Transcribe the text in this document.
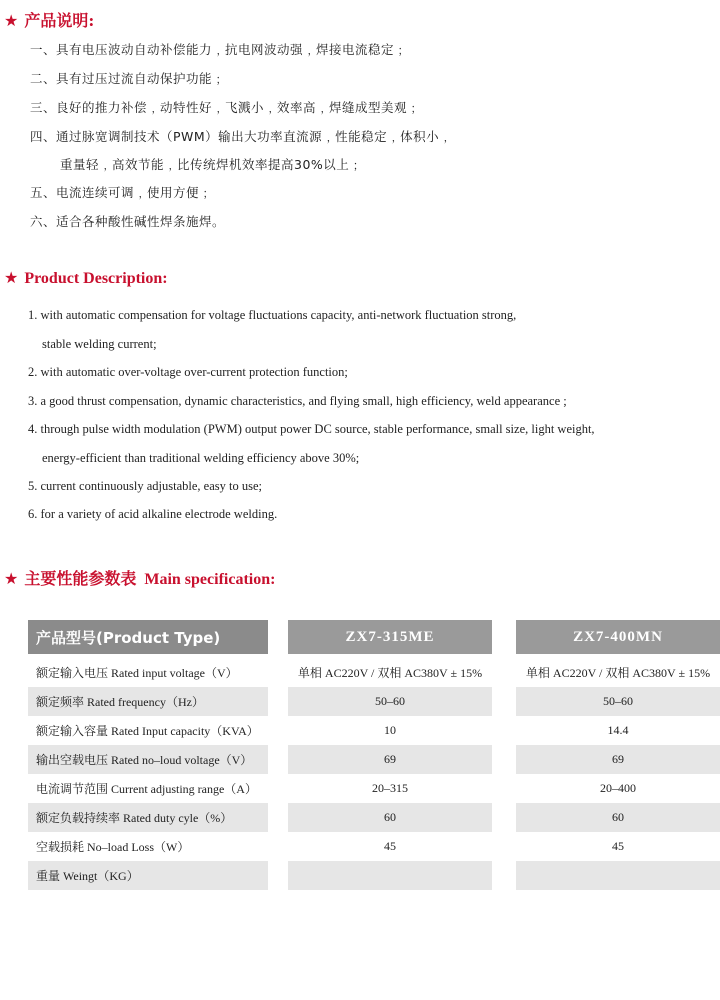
★ 产品说明:
一、具有电压波动自动补偿能力﹐抗电网波动强﹐焊接电流稳定﹔
二、具有过压过流自动保护功能﹔
三、良好的推力补偿﹐动特性好﹐飞溅小﹐效率高﹐焊缝成型美观﹔
四、通过脉宽调制技术（PWM）输出大功率直流源﹐性能稳定﹐体积小﹐
重量轻﹐高效节能﹐比传统焊机效率提高30%以上﹔
五、电流连续可调﹐使用方便﹔
六、适合各种酸性碱性焊条施焊。
★ Product Description:
1. with automatic compensation for voltage fluctuations capacity, anti-network fluctuation strong,
stable welding current;
2. with automatic over-voltage over-current protection function;
3. a good thrust compensation, dynamic characteristics, and flying small, high efficiency, weld appearance ;
4. through pulse width modulation (PWM) output power DC source, stable performance, small size, light weight,
energy-efficient than traditional welding efficiency above 30%;
5. current continuously adjustable, easy to use;
6. for a variety of acid alkaline electrode welding.
★ 主要性能参数表 Main specification:
产品型号(Product Type)		ZX7-315ME		ZX7-400MN

额定输入电压 Rated input voltage（V）		单相 AC220V / 双相 AC380V ± 15%		单相 AC220V / 双相 AC380V ± 15%
额定频率 Rated frequency（Hz）		50–60		50–60
额定输入容量 Rated Input capacity（KVA）		10		14.4
输出空载电压 Rated no–loud voltage（V）		69		69
电流调节范围 Current adjusting range（A）		20–315		20–400
额定负载持续率 Rated duty cyle（%）		60		60
空载损耗 No–load Loss（W）		45		45
重量 Weingt（KG）				
